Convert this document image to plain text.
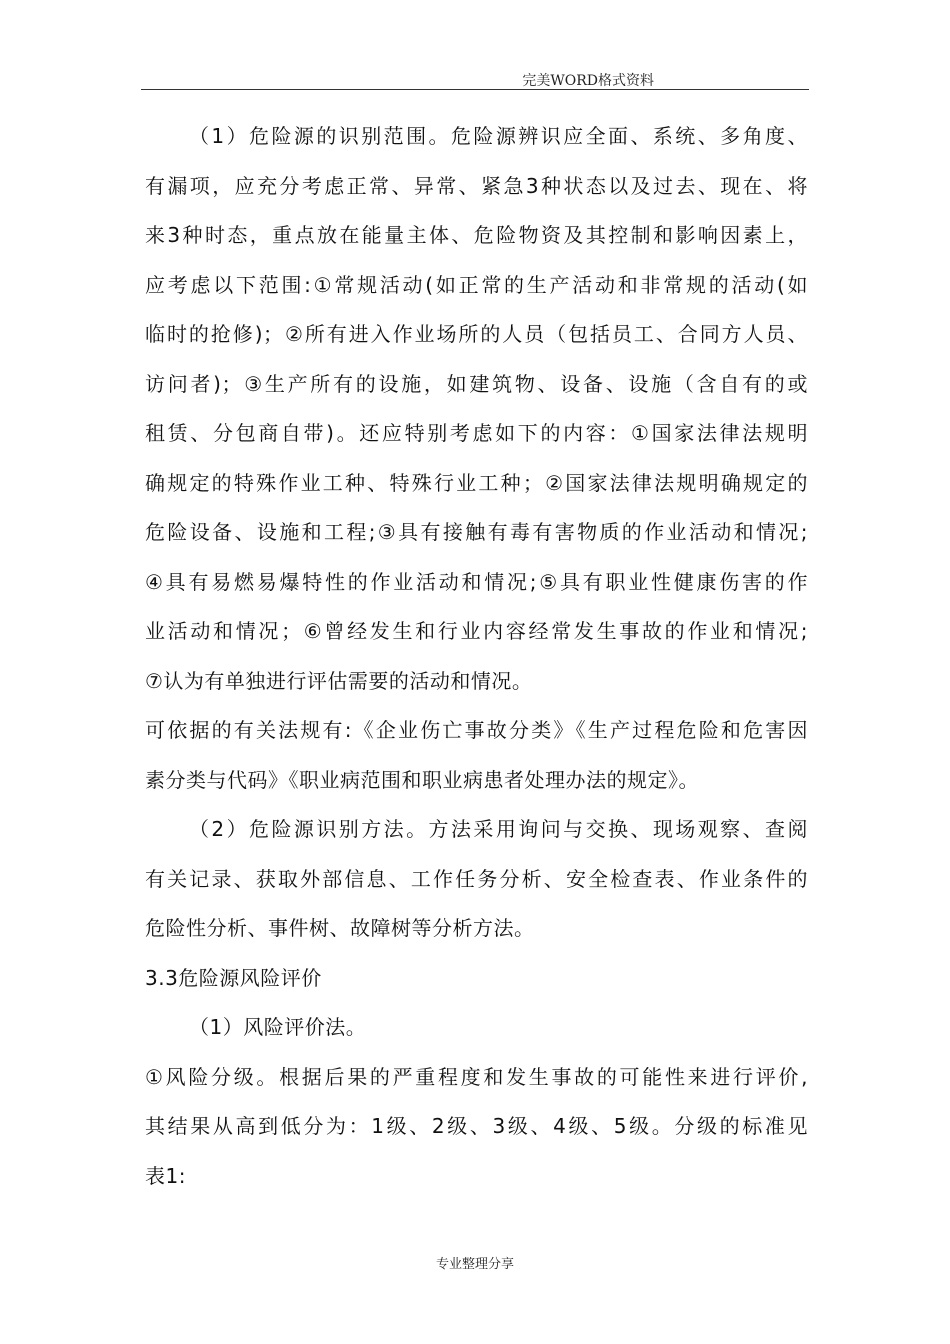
完美WORD格式资料
（1）危险源的识别范围。危险源辨识应全面、系统、多角度、
有漏项，应充分考虑正常、异常、紧急3种状态以及过去、现在、将
来3种时态，重点放在能量主体、危险物资及其控制和影响因素上，
应考虑以下范围:①常规活动(如正常的生产活动和非常规的活动(如
临时的抢修)；②所有进入作业场所的人员（包括员工、合同方人员、
访问者)；③生产所有的设施，如建筑物、设备、设施（含自有的或
租赁、分包商自带)。还应特别考虑如下的内容：①国家法律法规明
确规定的特殊作业工种、特殊行业工种；②国家法律法规明确规定的
危险设备、设施和工程;③具有接触有毒有害物质的作业活动和情况;
④具有易燃易爆特性的作业活动和情况;⑤具有职业性健康伤害的作
业活动和情况；⑥曾经发生和行业内容经常发生事故的作业和情况;
⑦认为有单独进行评估需要的活动和情况。
可依据的有关法规有:《企业伤亡事故分类》《生产过程危险和危害因
素分类与代码》《职业病范围和职业病患者处理办法的规定》。
（2）危险源识别方法。方法采用询问与交换、现场观察、查阅
有关记录、获取外部信息、工作任务分析、安全检查表、作业条件的
危险性分析、事件树、故障树等分析方法。
3.3危险源风险评价
（1）风险评价法。
①风险分级。根据后果的严重程度和发生事故的可能性来进行评价,
其结果从高到低分为：1级、2级、3级、4级、5级。分级的标准见
表1:
专业整理分享
